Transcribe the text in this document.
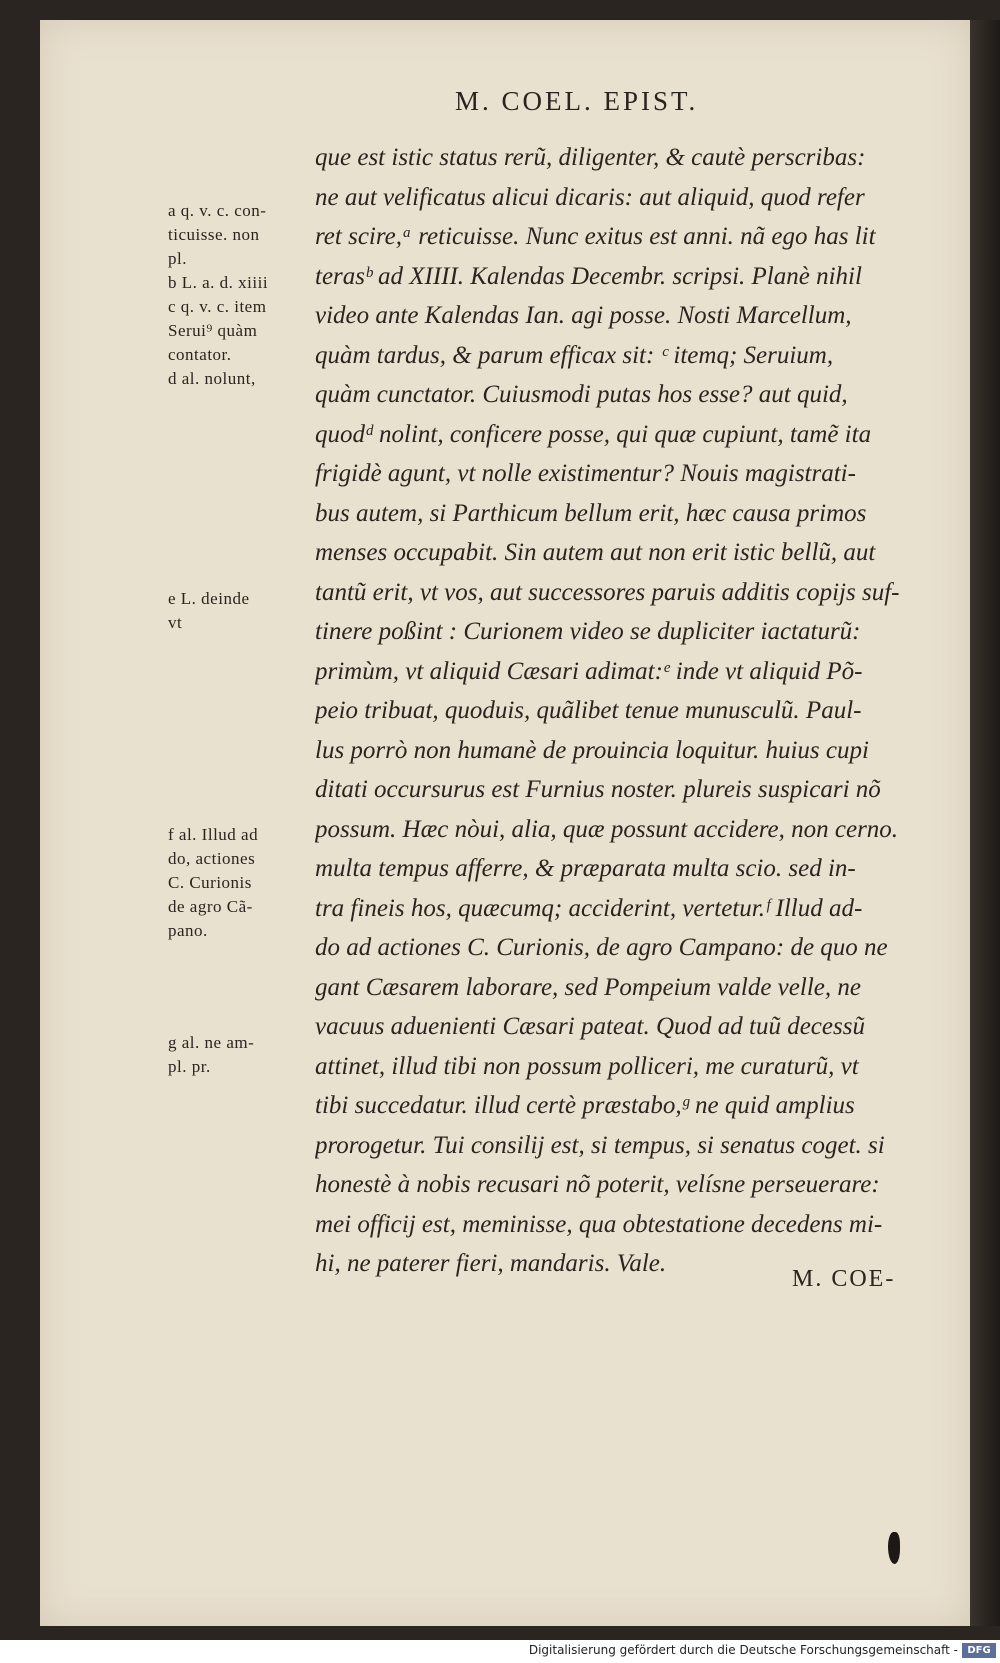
M. COEL. EPIST.
que est istic status rerũ, diligenter, & cautè perscribas:
ne aut velificatus alicui dicaris: aut aliquid, quod refer
ret scire,ᵃ reticuisse. Nunc exitus est anni. nã ego has lit
terasᵇ ad XIIII. Kalendas Decembr. scripsi. Planè nihil
video ante Kalendas Ian. agi posse. Nosti Marcellum,
quàm tardus, & parum efficax sit: ᶜ itemq; Seruium,
quàm cunctator. Cuiusmodi putas hos esse? aut quid,
quodᵈ nolint, conficere posse, qui quæ cupiunt, tamẽ ita
frigidè agunt, vt nolle existimentur? Nouis magistrati-
bus autem, si Parthicum bellum erit, hæc causa primos
menses occupabit. Sin autem aut non erit istic bellũ, aut
tantũ erit, vt vos, aut successores paruis additis copijs suf-
tinere poßint : Curionem video se dupliciter iactaturũ:
primùm, vt aliquid Cæsari adimat:ᵉ inde vt aliquid Põ-
peio tribuat, quoduis, quãlibet tenue munusculũ. Paul-
lus porrò non humanè de prouincia loquitur. huius cupi
ditati occursurus est Furnius noster. plureis suspicari nõ
possum. Hæc nòui, alia, quæ possunt accidere, non cerno.
multa tempus afferre, & præparata multa scio. sed in-
tra fineis hos, quæcumq; acciderint, vertetur.ᶠ Illud ad-
do ad actiones C. Curionis, de agro Campano: de quo ne
gant Cæsarem laborare, sed Pompeium valde velle, ne
vacuus aduenienti Cæsari pateat. Quod ad tuũ decessũ
attinet, illud tibi non possum polliceri, me curaturũ, vt
tibi succedatur. illud certè præstabo,ᵍ ne quid amplius
prorogetur. Tui consilij est, si tempus, si senatus coget. si
honestè à nobis recusari nõ poterit, velísne perseuerare:
mei officij est, meminisse, qua obtestatione decedens mi-
hi, ne paterer fieri, mandaris. Vale.
a q. v. c. con-
ticuisse. non
pl.
b L. a. d. xiiii
c q. v. c. item
Serui⁹ quàm
contator.
d al. nolunt,
e L. deinde
vt
f al. Illud ad
do, actiones
C. Curionis
de agro Cã-
pano.
g al. ne am-
pl. pr.
M. COE-
Digitalisierung gefördert durch die Deutsche Forschungsgemeinschaft - DFG
